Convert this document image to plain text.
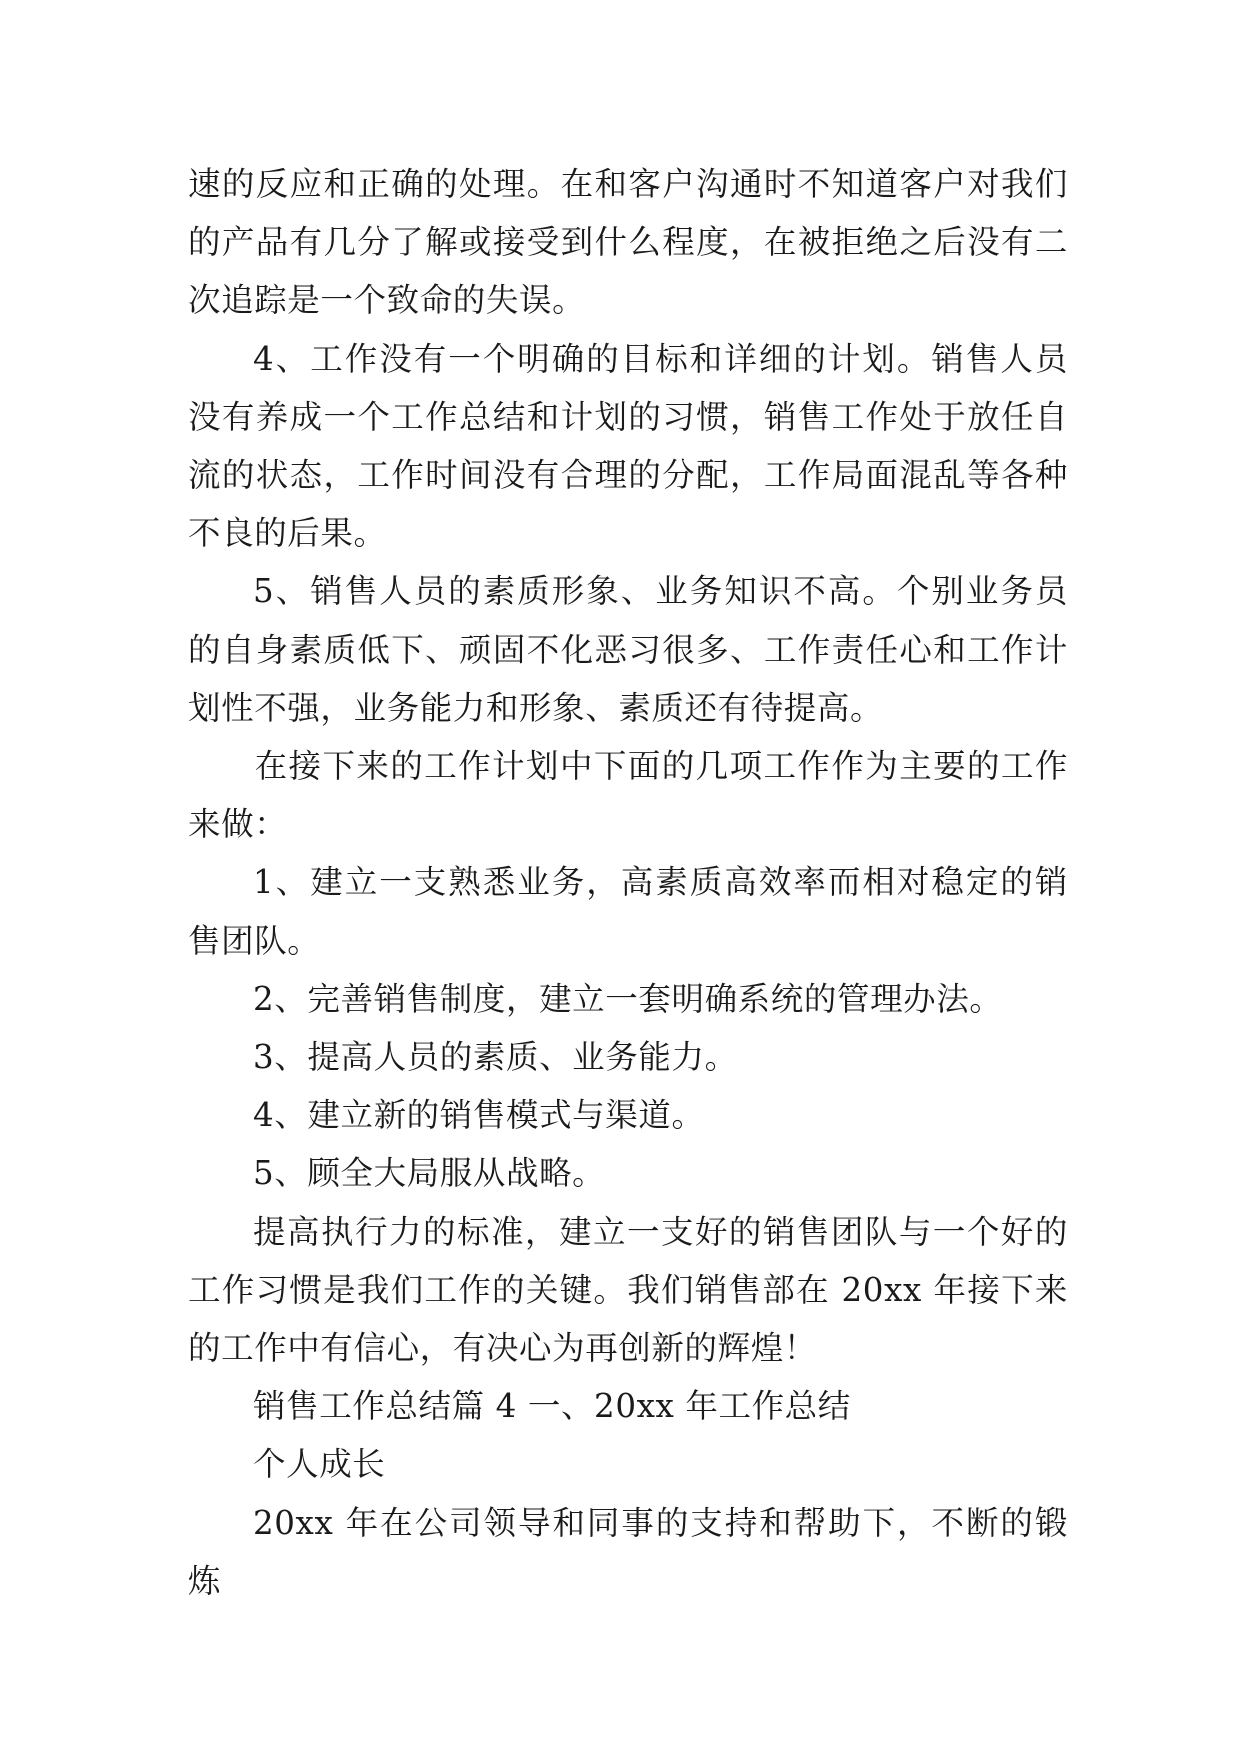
速的反应和正确的处理。在和客户沟通时不知道客户对我们的产品有几分了解或接受到什么程度，在被拒绝之后没有二次追踪是一个致命的失误。

4、工作没有一个明确的目标和详细的计划。销售人员没有养成一个工作总结和计划的习惯，销售工作处于放任自流的状态，工作时间没有合理的分配，工作局面混乱等各种不良的后果。

5、销售人员的素质形象、业务知识不高。个别业务员的自身素质低下、顽固不化恶习很多、工作责任心和工作计划性不强，业务能力和形象、素质还有待提高。

在接下来的工作计划中下面的几项工作作为主要的工作来做：

1、建立一支熟悉业务，高素质高效率而相对稳定的销售团队。

2、完善销售制度，建立一套明确系统的管理办法。

3、提高人员的素质、业务能力。

4、建立新的销售模式与渠道。

5、顾全大局服从战略。

提高执行力的标准，建立一支好的销售团队与一个好的工作习惯是我们工作的关键。我们销售部在 20xx 年接下来的工作中有信心，有决心为再创新的辉煌！

销售工作总结篇 4 一、20xx 年工作总结

个人成长

20xx 年在公司领导和同事的支持和帮助下，不断的锻炼
